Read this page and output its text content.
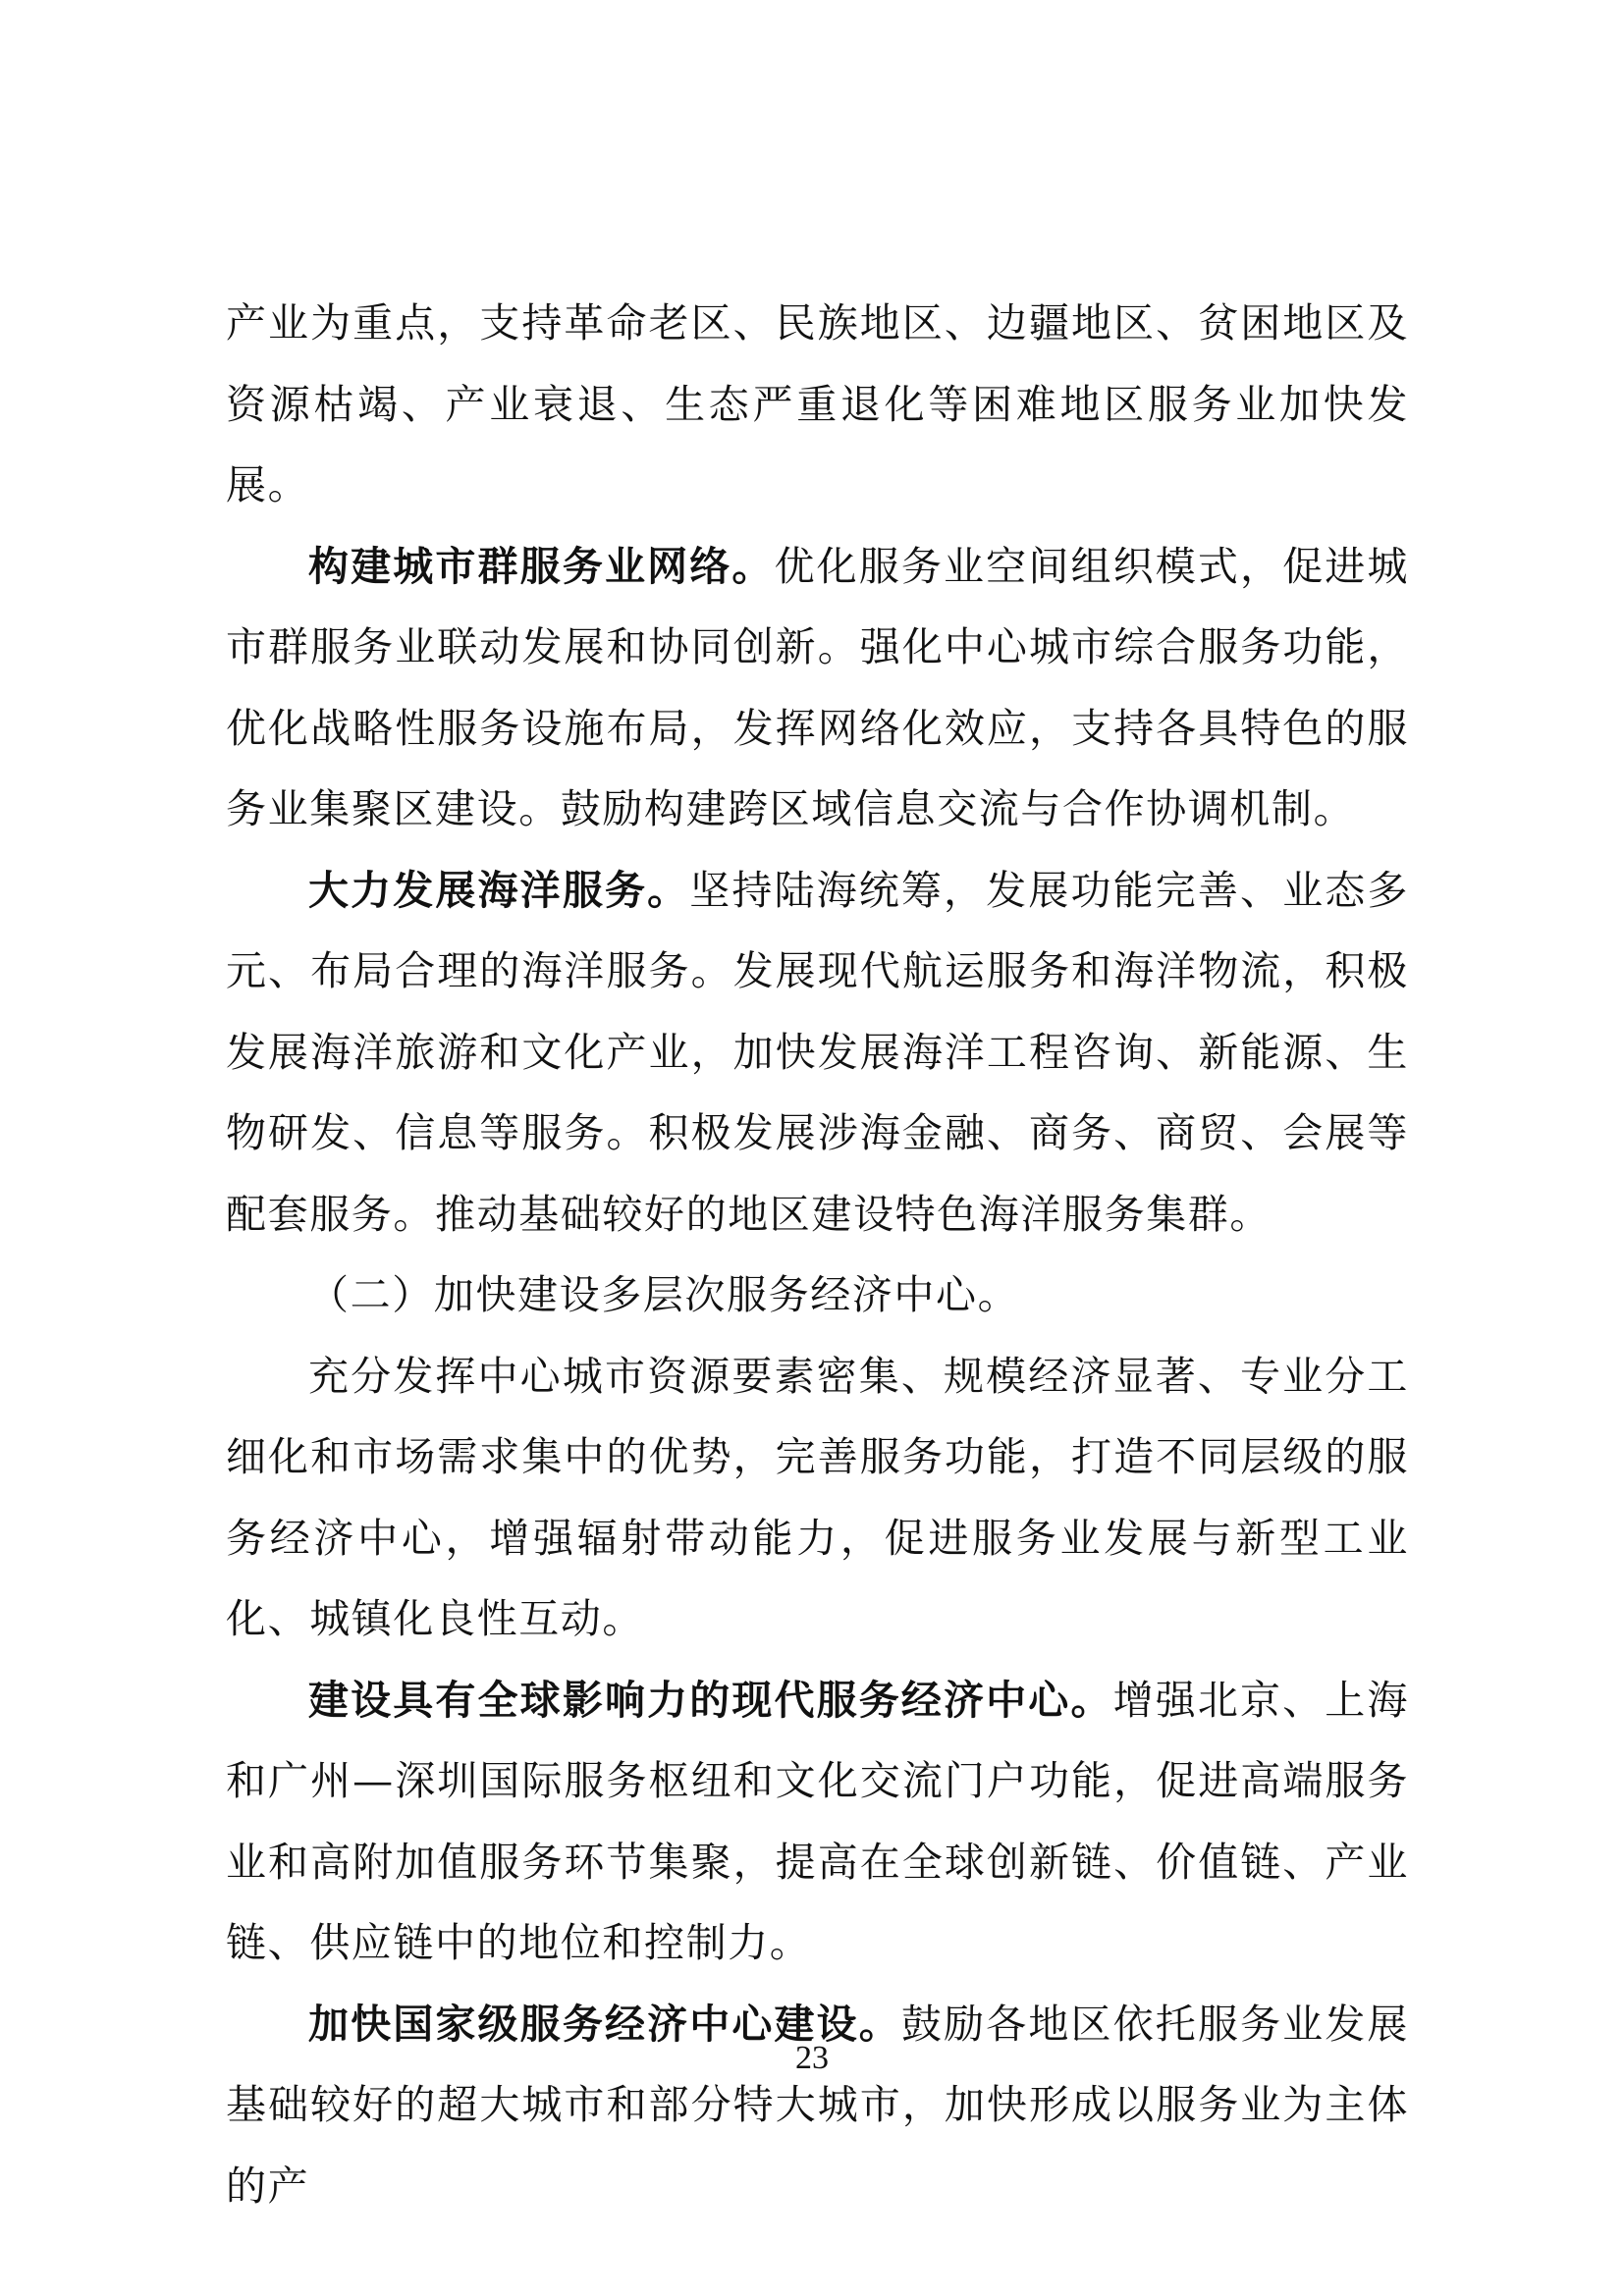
产业为重点，支持革命老区、民族地区、边疆地区、贫困地区及资源枯竭、产业衰退、生态严重退化等困难地区服务业加快发展。

构建城市群服务业网络。优化服务业空间组织模式，促进城市群服务业联动发展和协同创新。强化中心城市综合服务功能，优化战略性服务设施布局，发挥网络化效应，支持各具特色的服务业集聚区建设。鼓励构建跨区域信息交流与合作协调机制。

大力发展海洋服务。坚持陆海统筹，发展功能完善、业态多元、布局合理的海洋服务。发展现代航运服务和海洋物流，积极发展海洋旅游和文化产业，加快发展海洋工程咨询、新能源、生物研发、信息等服务。积极发展涉海金融、商务、商贸、会展等配套服务。推动基础较好的地区建设特色海洋服务集群。

（二）加快建设多层次服务经济中心。

充分发挥中心城市资源要素密集、规模经济显著、专业分工细化和市场需求集中的优势，完善服务功能，打造不同层级的服务经济中心，增强辐射带动能力，促进服务业发展与新型工业化、城镇化良性互动。

建设具有全球影响力的现代服务经济中心。增强北京、上海和广州—深圳国际服务枢纽和文化交流门户功能，促进高端服务业和高附加值服务环节集聚，提高在全球创新链、价值链、产业链、供应链中的地位和控制力。

加快国家级服务经济中心建设。鼓励各地区依托服务业发展基础较好的超大城市和部分特大城市，加快形成以服务业为主体的产

23
